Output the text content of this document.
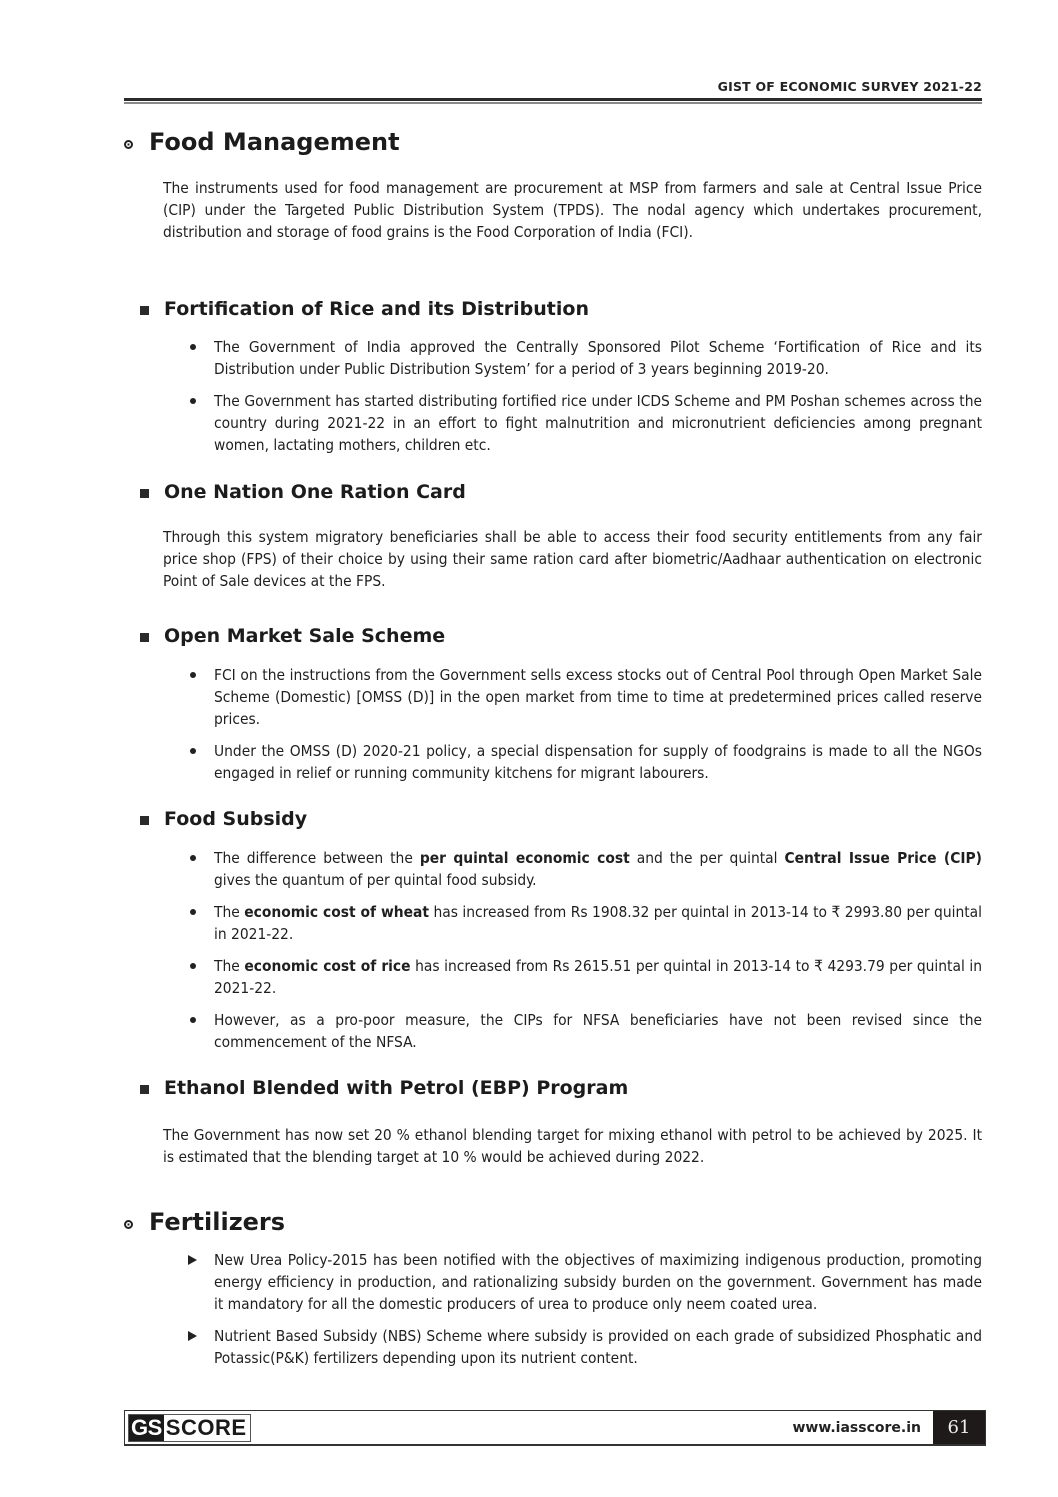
GIST OF ECONOMIC SURVEY 2021-22
Food Management
The instruments used for food management are procurement at MSP from farmers and sale at Central Issue Price (CIP) under the Targeted Public Distribution System (TPDS). The nodal agency which undertakes procurement, distribution and storage of food grains is the Food Corporation of India (FCI).
Fortification of Rice and its Distribution
The Government of India approved the Centrally Sponsored Pilot Scheme ‘Fortification of Rice and its Distribution under Public Distribution System’ for a period of 3 years beginning 2019-20.
The Government has started distributing fortified rice under ICDS Scheme and PM Poshan schemes across the country during 2021-22 in an effort to fight malnutrition and micronutrient deficiencies among pregnant women, lactating mothers, children etc.
One Nation One Ration Card
Through this system migratory beneficiaries shall be able to access their food security entitlements from any fair price shop (FPS) of their choice by using their same ration card after biometric/Aadhaar authentication on electronic Point of Sale devices at the FPS.
Open Market Sale Scheme
FCI on the instructions from the Government sells excess stocks out of Central Pool through Open Market Sale Scheme (Domestic) [OMSS (D)] in the open market from time to time at predetermined prices called reserve prices.
Under the OMSS (D) 2020-21 policy, a special dispensation for supply of foodgrains is made to all the NGOs engaged in relief or running community kitchens for migrant labourers.
Food Subsidy
The difference between the per quintal economic cost and the per quintal Central Issue Price (CIP) gives the quantum of per quintal food subsidy.
The economic cost of wheat has increased from Rs 1908.32 per quintal in 2013-14 to ₹ 2993.80 per quintal in 2021-22.
The economic cost of rice has increased from Rs 2615.51 per quintal in 2013-14 to ₹ 4293.79 per quintal in 2021-22.
However, as a pro-poor measure, the CIPs for NFSA beneficiaries have not been revised since the commencement of the NFSA.
Ethanol Blended with Petrol (EBP) Program
The Government has now set 20 % ethanol blending target for mixing ethanol with petrol to be achieved by 2025. It is estimated that the blending target at 10 % would be achieved during 2022.
Fertilizers
New Urea Policy-2015 has been notified with the objectives of maximizing indigenous production, promoting energy efficiency in production, and rationalizing subsidy burden on the government. Government has made it mandatory for all the domestic producers of urea to produce only neem coated urea.
Nutrient Based Subsidy (NBS) Scheme where subsidy is provided on each grade of subsidized Phosphatic and Potassic(P&K) fertilizers depending upon its nutrient content.
GS SCORE	www.iasscore.in	61
